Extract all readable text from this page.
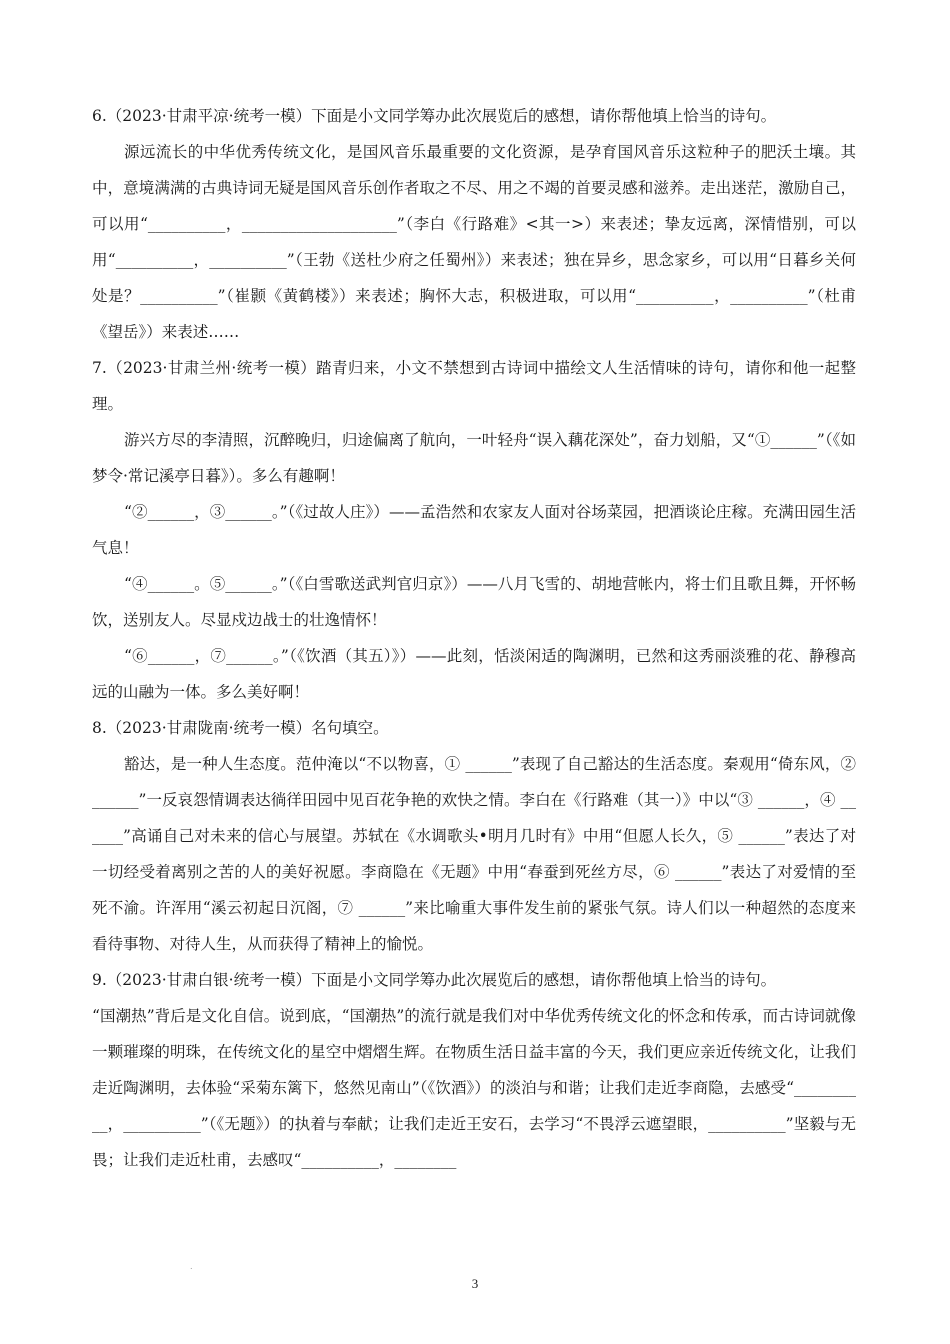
6.（2023·甘肃平凉·统考一模）下面是小文同学筹办此次展览后的感想，请你帮他填上恰当的诗句。

源远流长的中华优秀传统文化，是国风音乐最重要的文化资源，是孕育国风音乐这粒种子的肥沃土壤。其中，意境满满的古典诗词无疑是国风音乐创作者取之不尽、用之不竭的首要灵感和滋养。走出迷茫，激励自己，可以用“__________，____________________”（李白《行路难》<其一>）来表述；挚友远离，深情惜别，可以用“__________，__________”（王勃《送杜少府之任蜀州》）来表述；独在异乡，思念家乡，可以用“日暮乡关何处是？__________”（崔颢《黄鹤楼》）来表述；胸怀大志，积极进取，可以用“__________，__________”（杜甫《望岳》）来表述……

7.（2023·甘肃兰州·统考一模）踏青归来，小文不禁想到古诗词中描绘文人生活情味的诗句，请你和他一起整理。

游兴方尽的李清照，沉醉晚归，归途偏离了航向，一叶轻舟“误入藕花深处”，奋力划船，又“①______”（《如梦令·常记溪亭日暮》）。多么有趣啊！

“②______，③______。”（《过故人庄》）——孟浩然和农家友人面对谷场菜园，把酒谈论庄稼。充满田园生活气息！

“④______。⑤______。”（《白雪歌送武判官归京》）——八月飞雪的、胡地营帐内，将士们且歌且舞，开怀畅饮，送别友人。尽显戍边战士的壮逸情怀！

“⑥______，⑦______。”（《饮酒（其五）》）——此刻，恬淡闲适的陶渊明，已然和这秀丽淡雅的花、静穆高远的山融为一体。多么美好啊！

8.（2023·甘肃陇南·统考一模）名句填空。

豁达，是一种人生态度。范仲淹以“不以物喜，① ______”表现了自己豁达的生活态度。秦观用“倚东风，② ______”一反哀怨情调表达徜徉田园中见百花争艳的欢快之情。李白在《行路难（其一）》中以“③ ______，④ ______”高诵自己对未来的信心与展望。苏轼在《水调歌头•明月几时有》中用“但愿人长久，⑤ ______”表达了对一切经受着离别之苦的人的美好祝愿。李商隐在《无题》中用“春蚕到死丝方尽，⑥ ______”表达了对爱情的至死不渝。许浑用“溪云初起日沉阁，⑦ ______”来比喻重大事件发生前的紧张气氛。诗人们以一种超然的态度来看待事物、对待人生，从而获得了精神上的愉悦。

9.（2023·甘肃白银·统考一模）下面是小文同学筹办此次展览后的感想，请你帮他填上恰当的诗句。

“国潮热”背后是文化自信。说到底，“国潮热”的流行就是我们对中华优秀传统文化的怀念和传承，而古诗词就像一颗璀璨的明珠，在传统文化的星空中熠熠生辉。在物质生活日益丰富的今天，我们更应亲近传统文化，让我们走近陶渊明，去体验“采菊东篱下，悠然见南山”（《饮酒》）的淡泊与和谐；让我们走近李商隐，去感受“__________，__________”（《无题》）的执着与奉献；让我们走近王安石，去学习“不畏浮云遮望眼，__________”坚毅与无畏；让我们走近杜甫，去感叹“__________，________

.
3
